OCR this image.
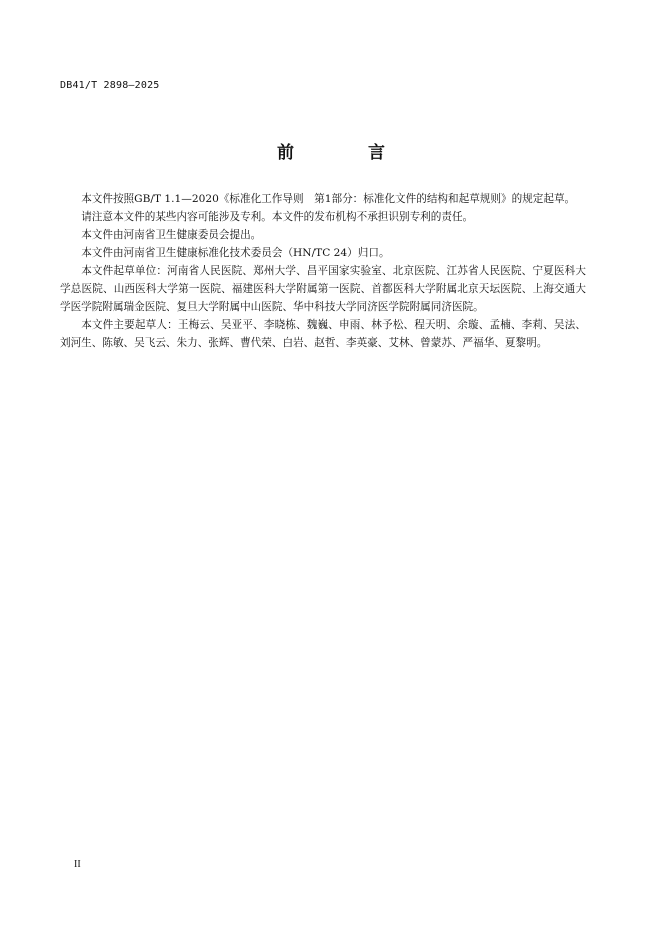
DB41/T 2898—2025
前 言

本文件按照GB/T 1.1—2020《标准化工作导则　第1部分：标准化文件的结构和起草规则》的规定起草。

请注意本文件的某些内容可能涉及专利。本文件的发布机构不承担识别专利的责任。

本文件由河南省卫生健康委员会提出。

本文件由河南省卫生健康标准化技术委员会（HN/TC 24）归口。

本文件起草单位：河南省人民医院、郑州大学、昌平国家实验室、北京医院、江苏省人民医院、宁夏医科大学总医院、山西医科大学第一医院、福建医科大学附属第一医院、首都医科大学附属北京天坛医院、上海交通大学医学院附属瑞金医院、复旦大学附属中山医院、华中科技大学同济医学院附属同济医院。

本文件主要起草人：王梅云、吴亚平、李晓栋、魏巍、申雨、林予松、程天明、余璇、孟楠、李莉、吴法、刘河生、陈敏、吴飞云、朱力、张辉、曹代荣、白岩、赵哲、李英豪、艾林、曾蒙苏、严福华、夏黎明。

II
